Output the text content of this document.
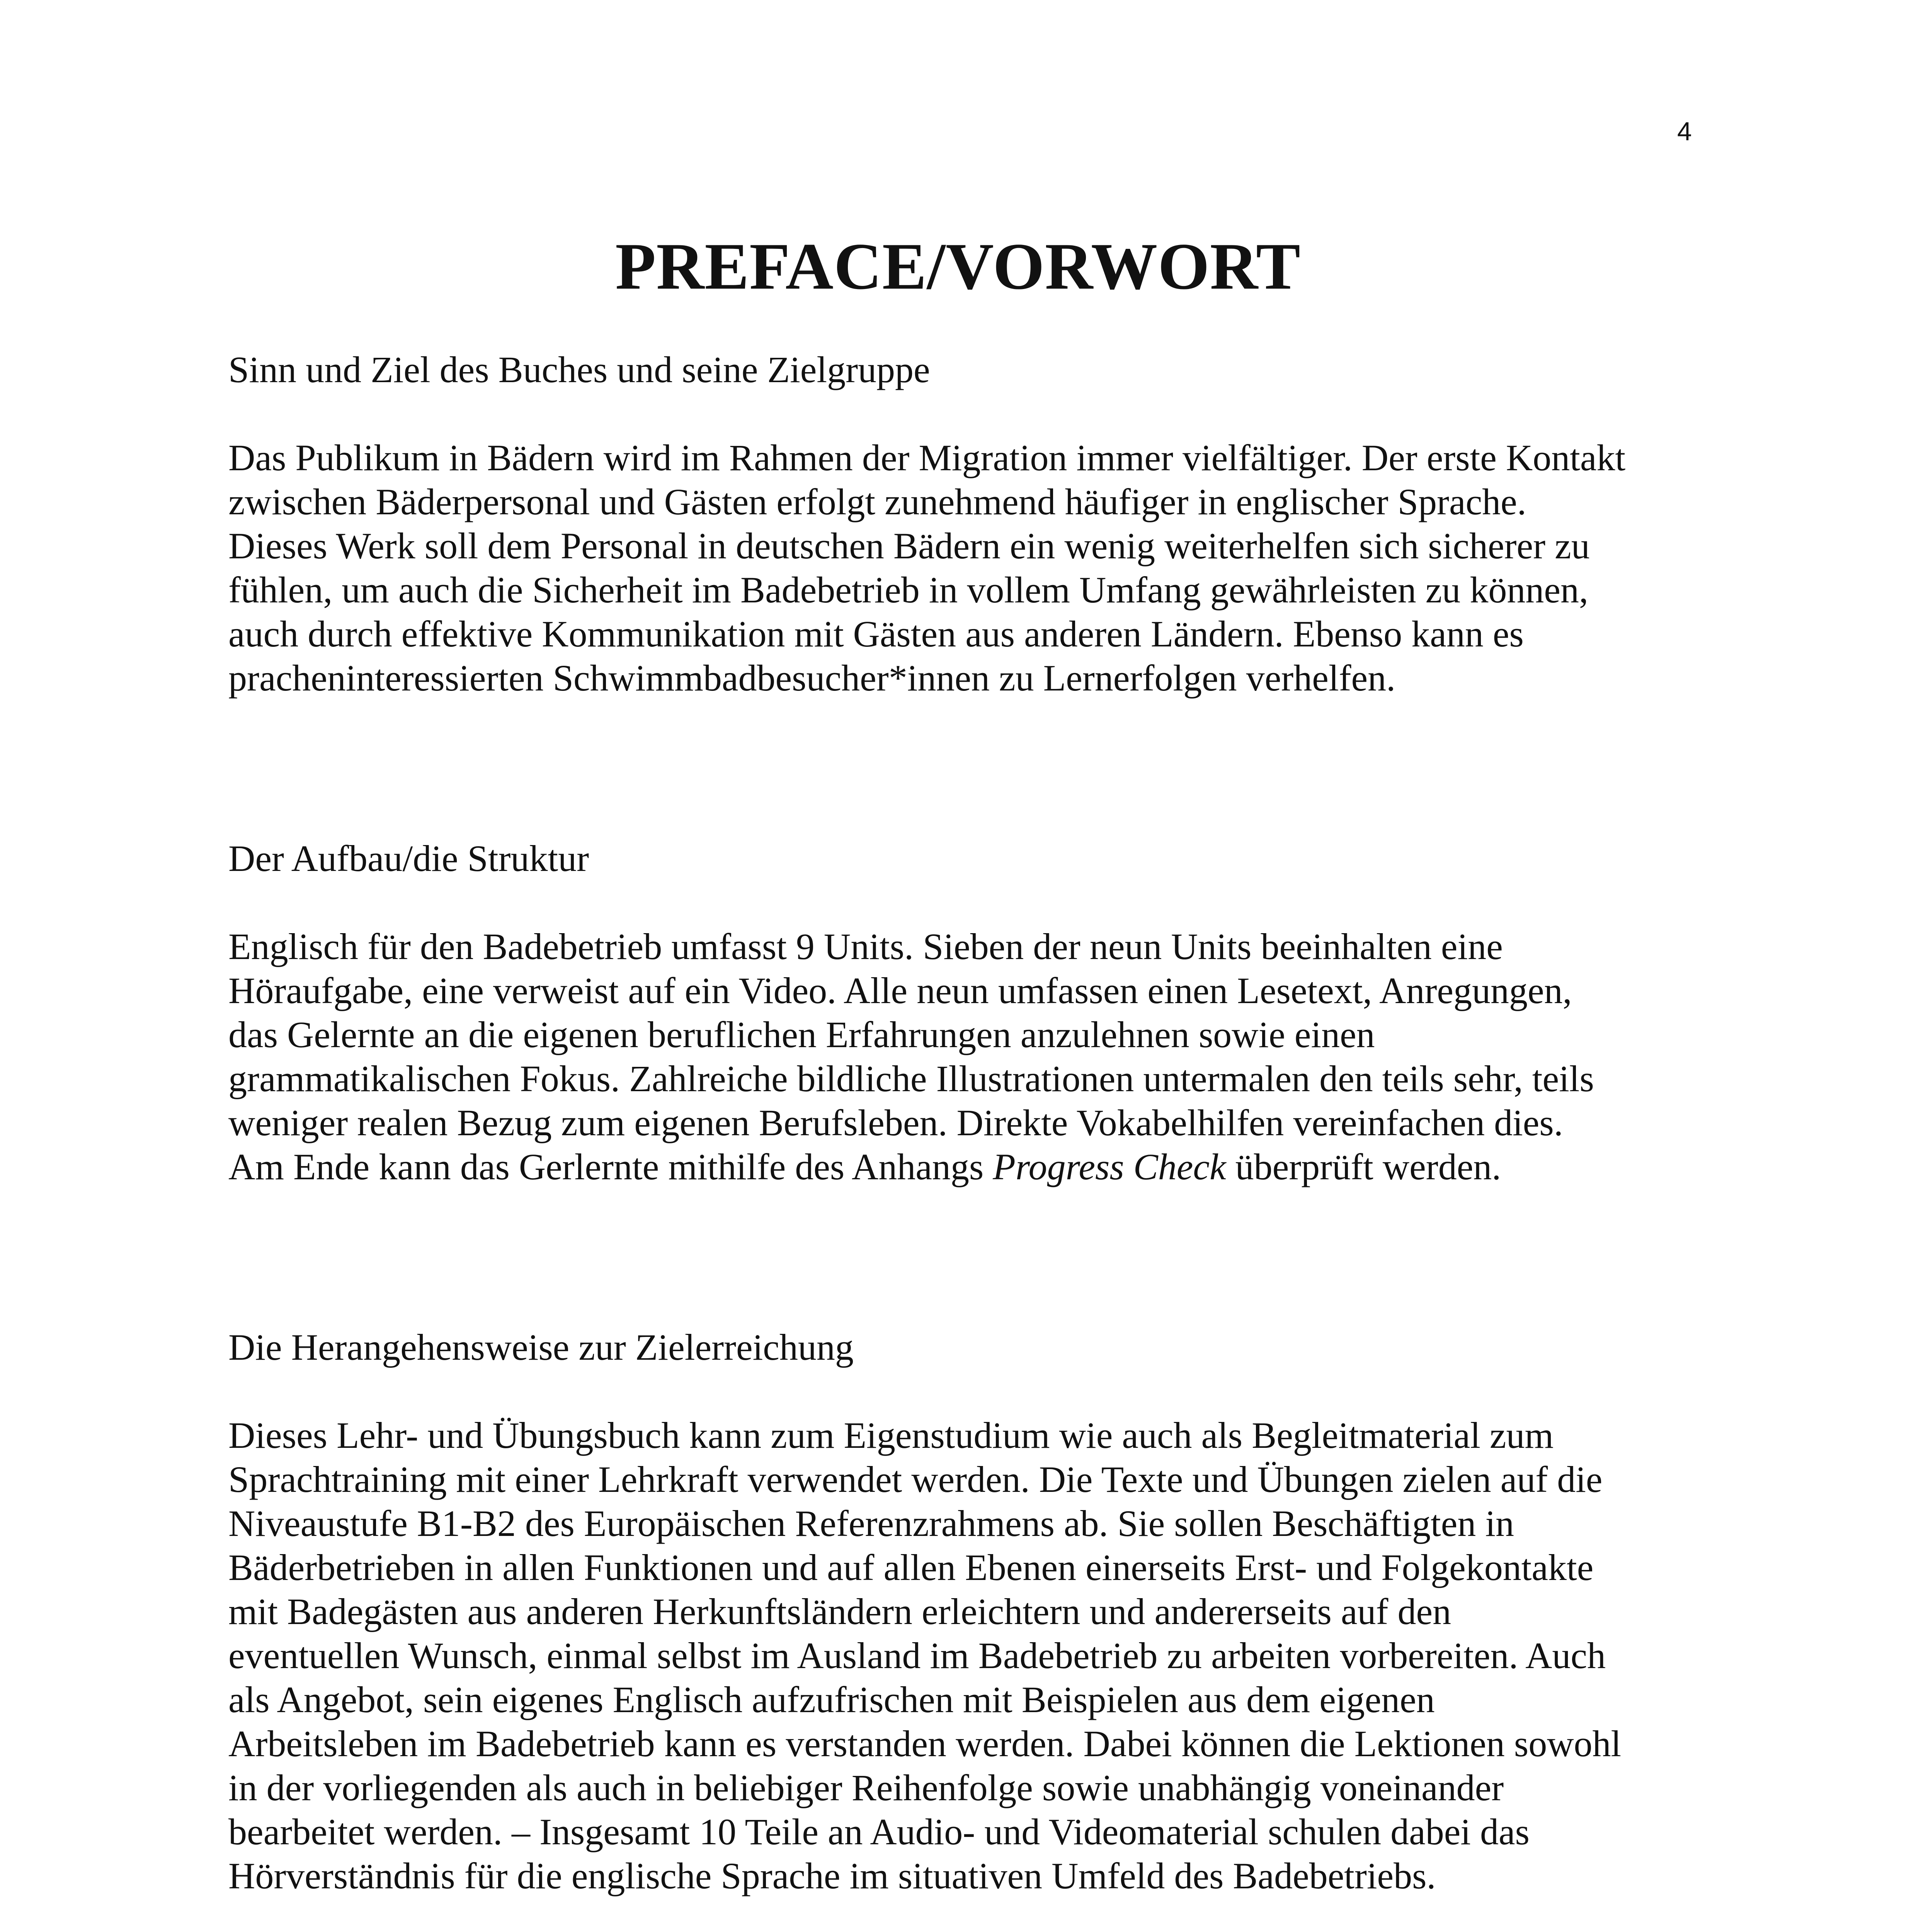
4
PREFACE/VORWORT
Sinn und Ziel des Buches und seine Zielgruppe
Das Publikum in Bädern wird im Rahmen der Migration immer vielfältiger. Der erste Kontakt
zwischen Bäderpersonal und Gästen erfolgt zunehmend häufiger in englischer Sprache.
Dieses Werk soll dem Personal in deutschen Bädern ein wenig weiterhelfen sich sicherer zu
fühlen, um auch die Sicherheit im Badebetrieb in vollem Umfang gewährleisten zu können,
auch durch effektive Kommunikation mit Gästen aus anderen Ländern. Ebenso kann es
pracheninteressierten Schwimmbadbesucher*innen zu Lernerfolgen verhelfen.
Der Aufbau/die Struktur
Englisch für den Badebetrieb umfasst 9 Units. Sieben der neun Units beeinhalten eine
Höraufgabe, eine verweist auf ein Video. Alle neun umfassen einen Lesetext, Anregungen,
das Gelernte an die eigenen beruflichen Erfahrungen anzulehnen sowie einen
grammatikalischen Fokus. Zahlreiche bildliche Illustrationen untermalen den teils sehr, teils
weniger realen Bezug zum eigenen Berufsleben. Direkte Vokabelhilfen vereinfachen dies.
Am Ende kann das Gerlernte mithilfe des Anhangs Progress Check überprüft werden.
Die Herangehensweise zur Zielerreichung
Dieses Lehr- und Übungsbuch kann zum Eigenstudium wie auch als Begleitmaterial zum
Sprachtraining mit einer Lehrkraft verwendet werden. Die Texte und Übungen zielen auf die
Niveaustufe B1-B2 des Europäischen Referenzrahmens ab. Sie sollen Beschäftigten in
Bäderbetrieben in allen Funktionen und auf allen Ebenen einerseits Erst- und Folgekontakte
mit Badegästen aus anderen Herkunftsländern erleichtern und andererseits auf den
eventuellen Wunsch, einmal selbst im Ausland im Badebetrieb zu arbeiten vorbereiten. Auch
als Angebot, sein eigenes Englisch aufzufrischen mit Beispielen aus dem eigenen
Arbeitsleben im Badebetrieb kann es verstanden werden. Dabei können die Lektionen sowohl
in der vorliegenden als auch in beliebiger Reihenfolge sowie unabhängig voneinander
bearbeitet werden. – Insgesamt 10 Teile an Audio- und Videomaterial schulen dabei das
Hörverständnis für die englische Sprache im situativen Umfeld des Badebetriebs.
